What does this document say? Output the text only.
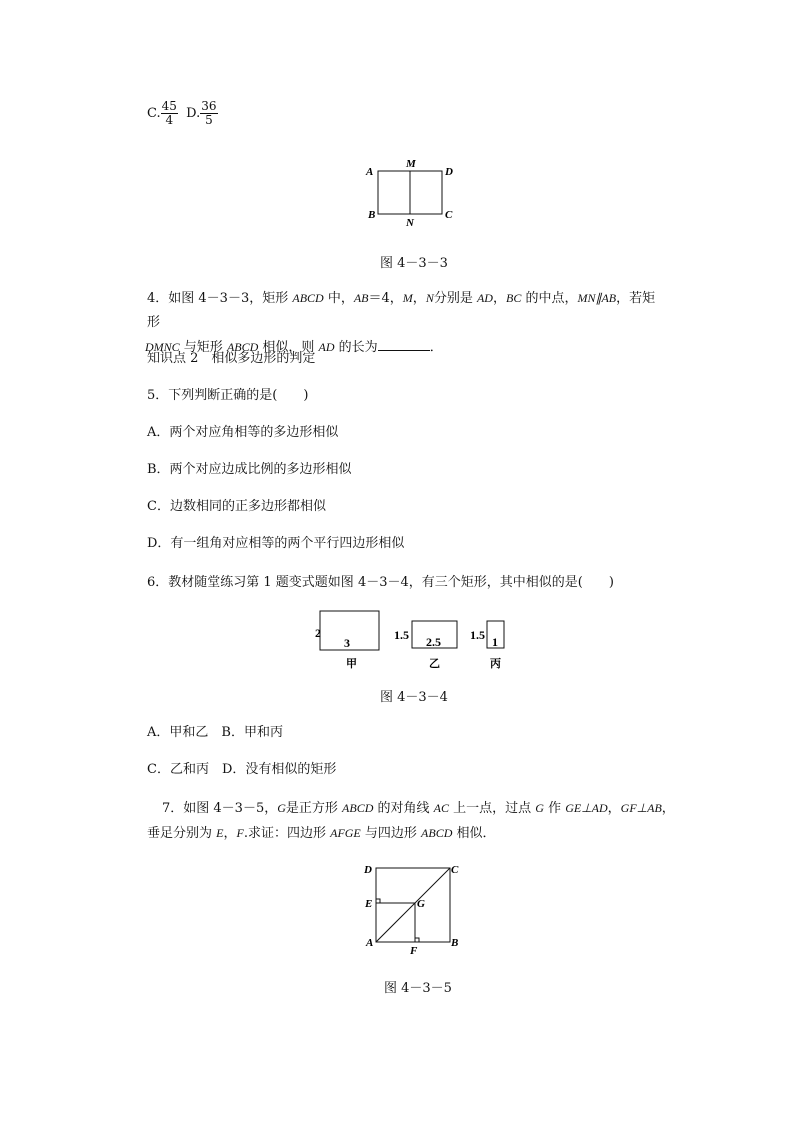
C. $\frac{45}{4} D$. $\frac{36}{5}$
A
M
D
B
N
C
图 4－3－3
4．如图 4－3－3，矩形 ABCD 中，AB＝4，M，N分别是 AD，BC 的中点，MN∥AB，若矩形
DMNC 与矩形 ABCD 相似，则 AD 的长为	．
知识点 2　相似多边形的判定
5．下列判断正确的是(　　)
A．两个对应角相等的多边形相似
B．两个对应边成比例的多边形相似
C．边数相同的正多边形都相似
D．有一组角对应相等的两个平行四边形相似
6．教材随堂练习第 1 题变式题如图 4－3－4，有三个矩形，其中相似的是(　　)
2
3
甲
1.5 2.5
乙
1.5 1
丙
图 4－3－4
A．甲和乙　B．甲和丙
C．乙和丙　D．没有相似的矩形
7．如图 4－3－5，G是正方形 ABCD 的对角线 AC 上一点，过点 G 作 GE⊥AD，GF⊥AB，
垂足分别为 E，F.求证：四边形 AFGE 与四边形 ABCD 相似．
D	C
E	G
A
F
B
图 4－3－5
